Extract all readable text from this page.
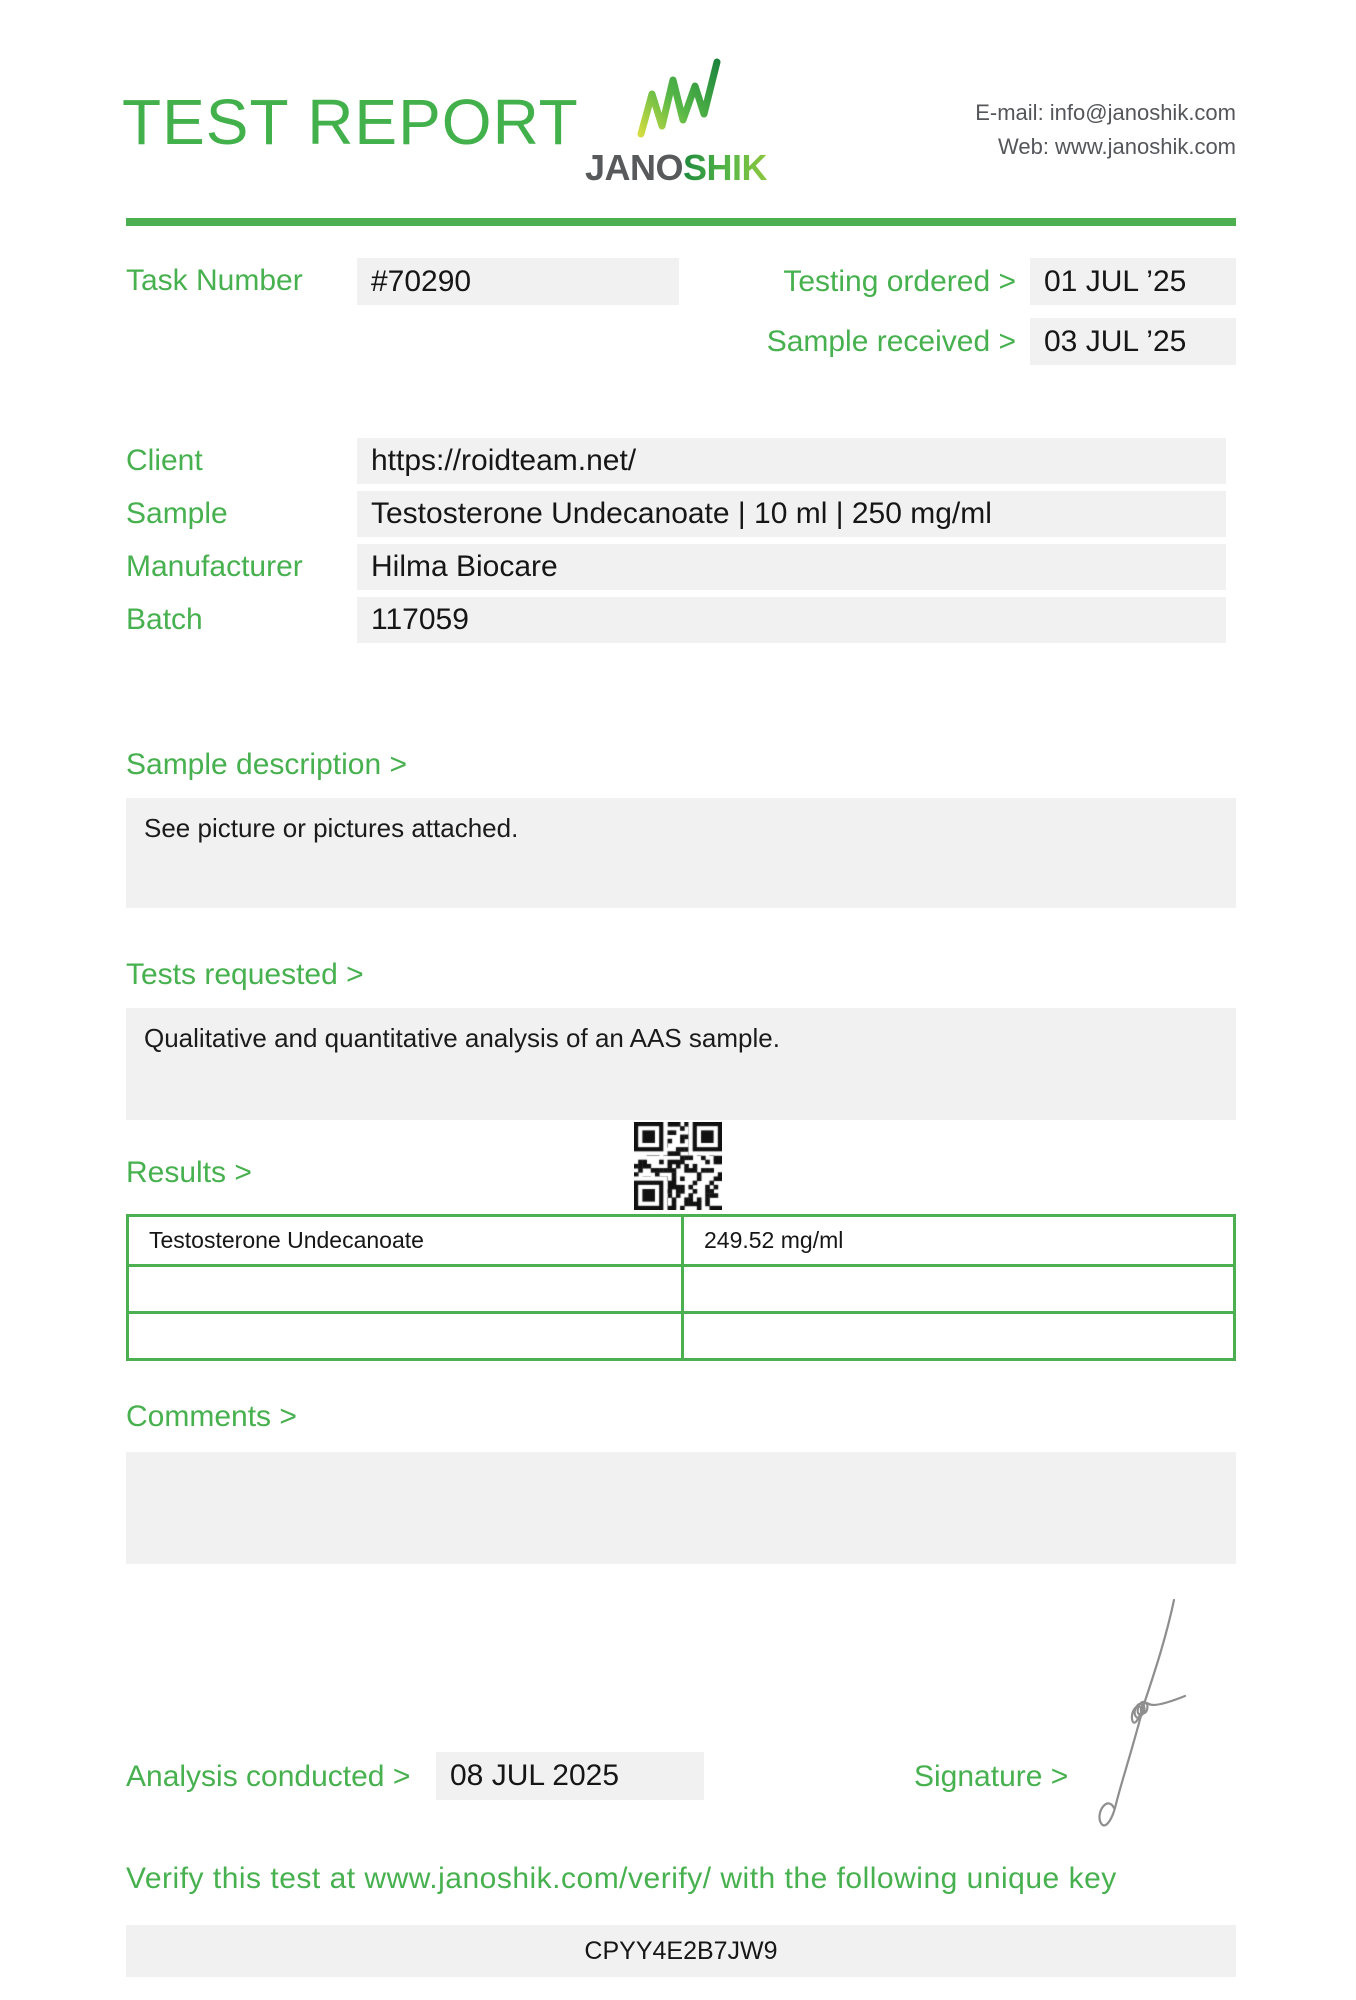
TEST REPORT
JANOSHIK
E-mail: info@janoshik.com
Web: www.janoshik.com
Task Number	#70290	Testing ordered > 01 JUL ’25
Sample received > 03 JUL ’25
Client	https://roidteam.net/
Sample	Testosterone Undecanoate | 10 ml | 250 mg/ml
Manufacturer	Hilma Biocare
Batch	117059
Sample description >
See picture or pictures attached.
Tests requested >
Qualitative and quantitative analysis of an AAS sample.
Results >
Testosterone Undecanoate	249.52 mg/ml
Comments >
Analysis conducted >	08 JUL 2025	Signature >
Verify this test at www.janoshik.com/verify/ with the following unique key
CPYY4E2B7JW9
